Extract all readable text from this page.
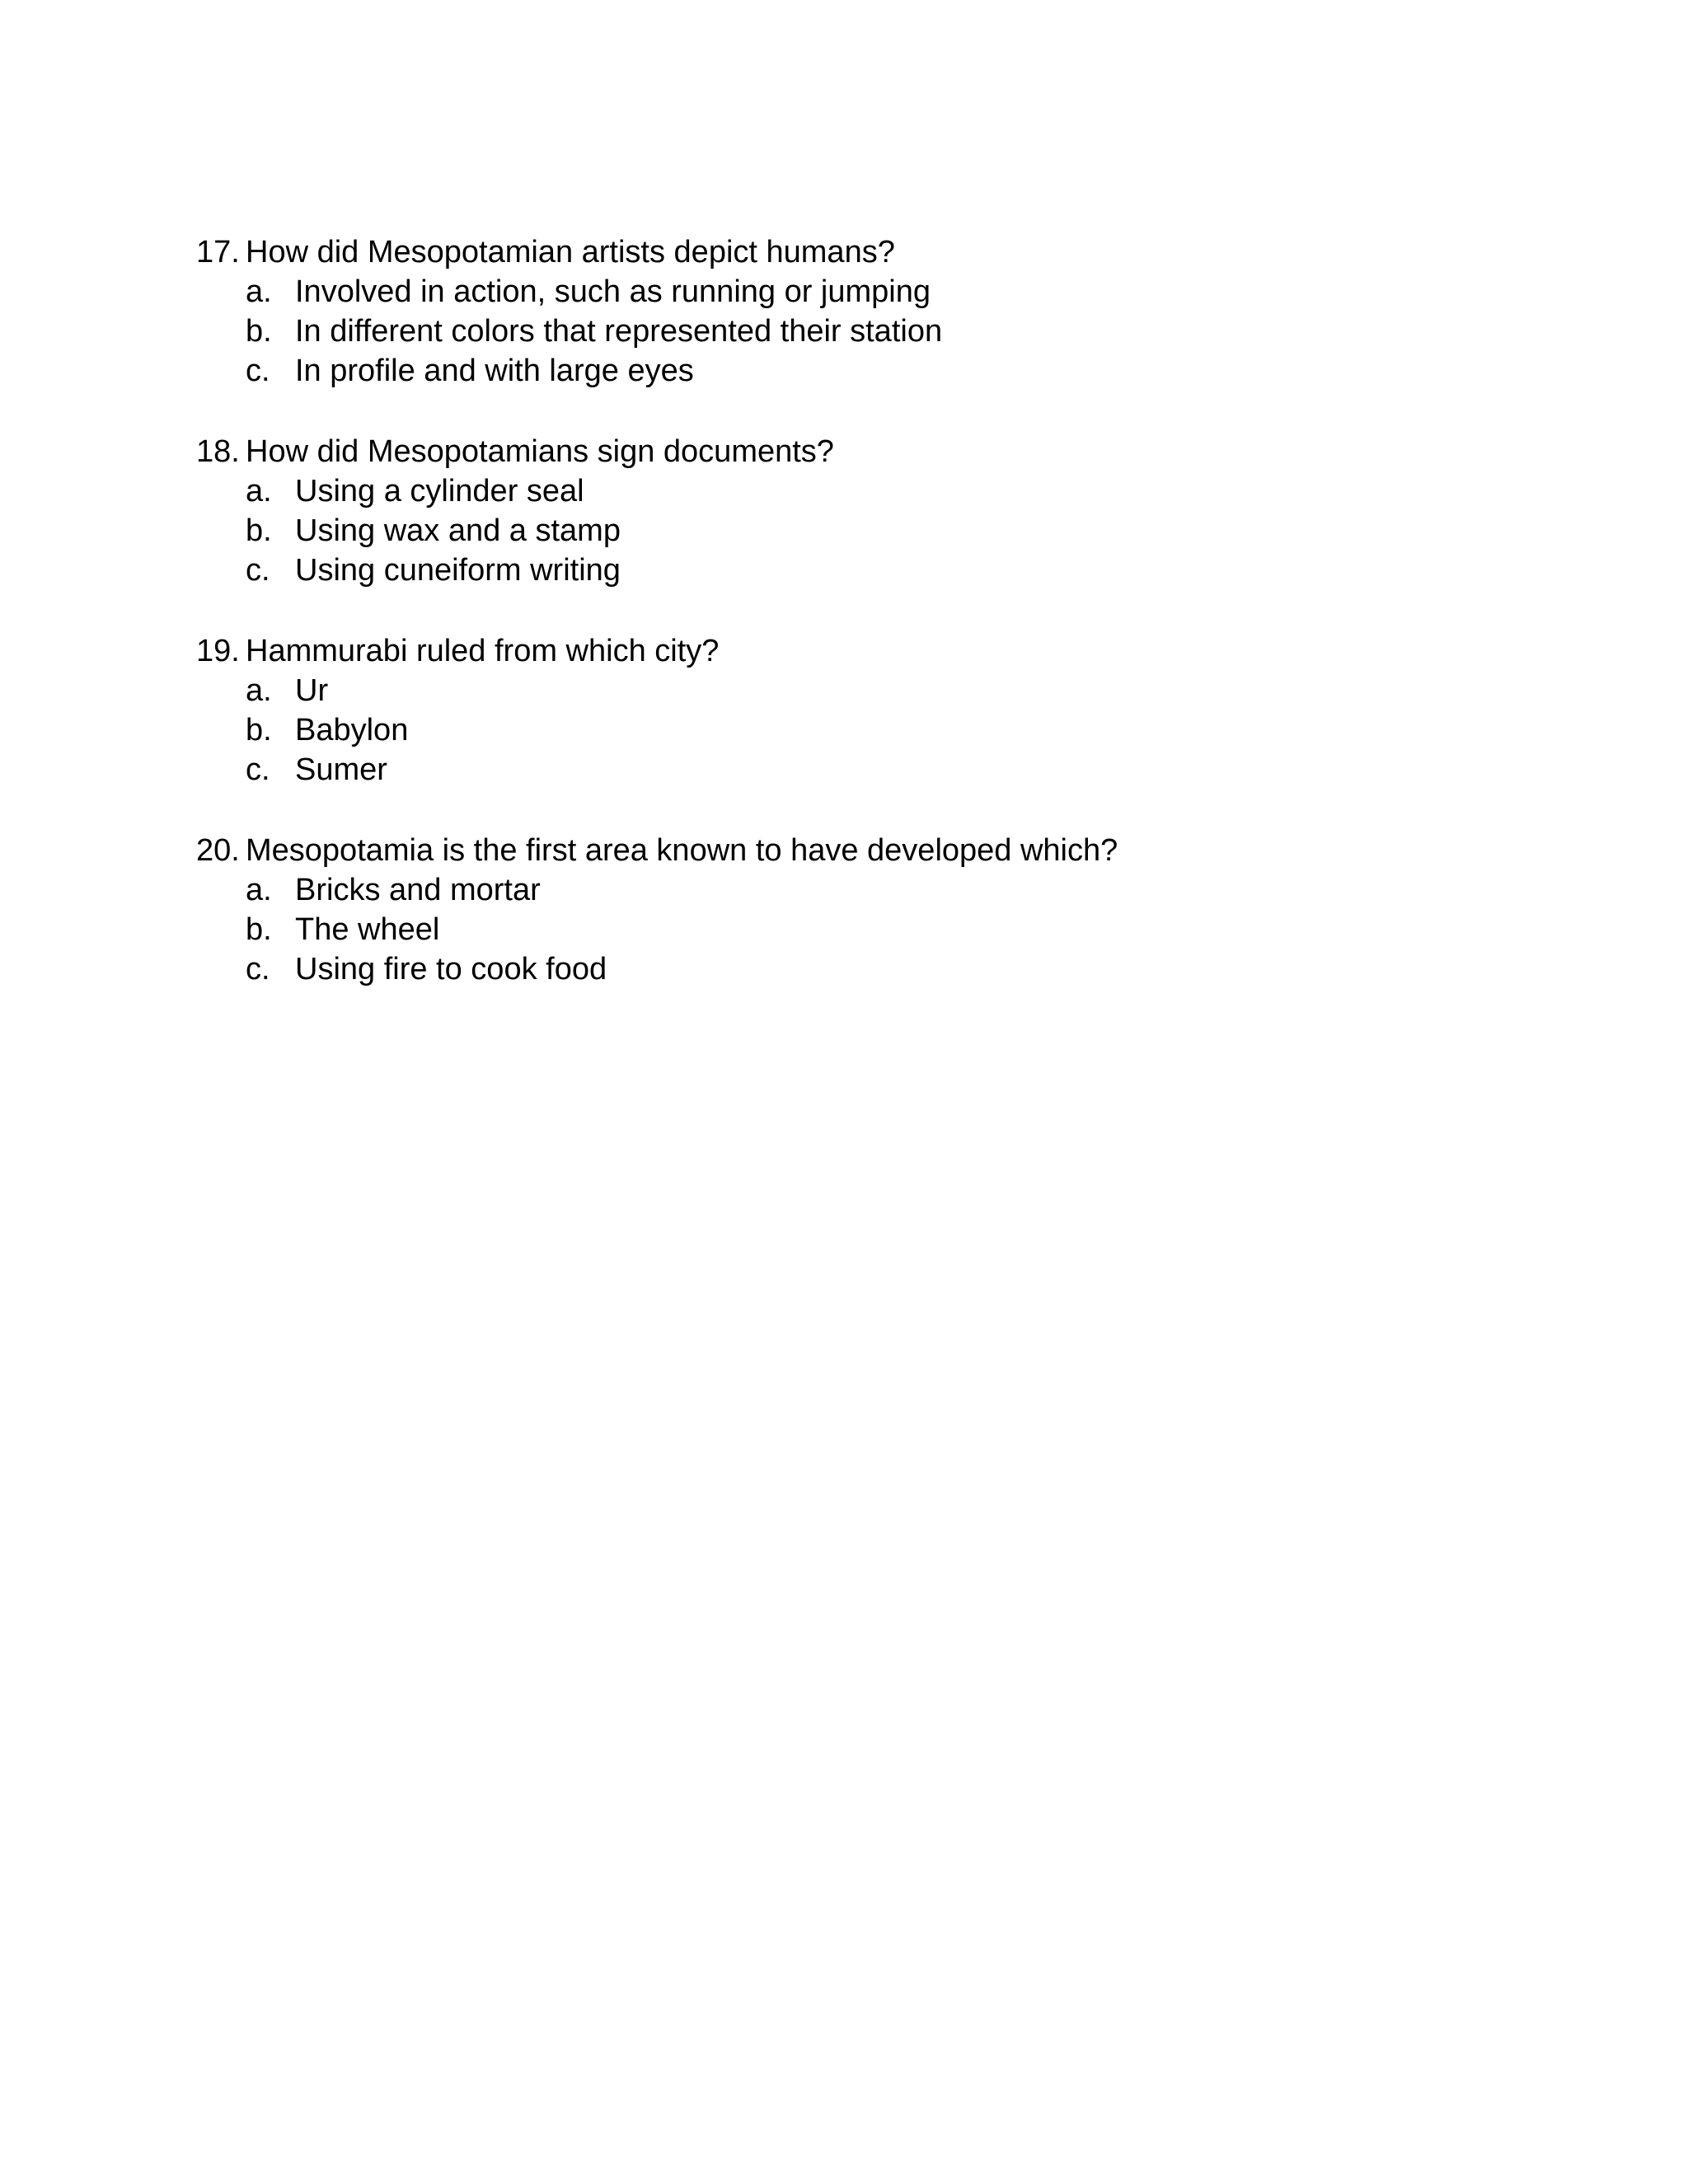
17. How did Mesopotamian artists depict humans?
a. Involved in action, such as running or jumping
b. In different colors that represented their station
c. In profile and with large eyes
18. How did Mesopotamians sign documents?
a. Using a cylinder seal
b. Using wax and a stamp
c. Using cuneiform writing
19. Hammurabi ruled from which city?
a. Ur
b. Babylon
c. Sumer
20. Mesopotamia is the first area known to have developed which?
a. Bricks and mortar
b. The wheel
c. Using fire to cook food
